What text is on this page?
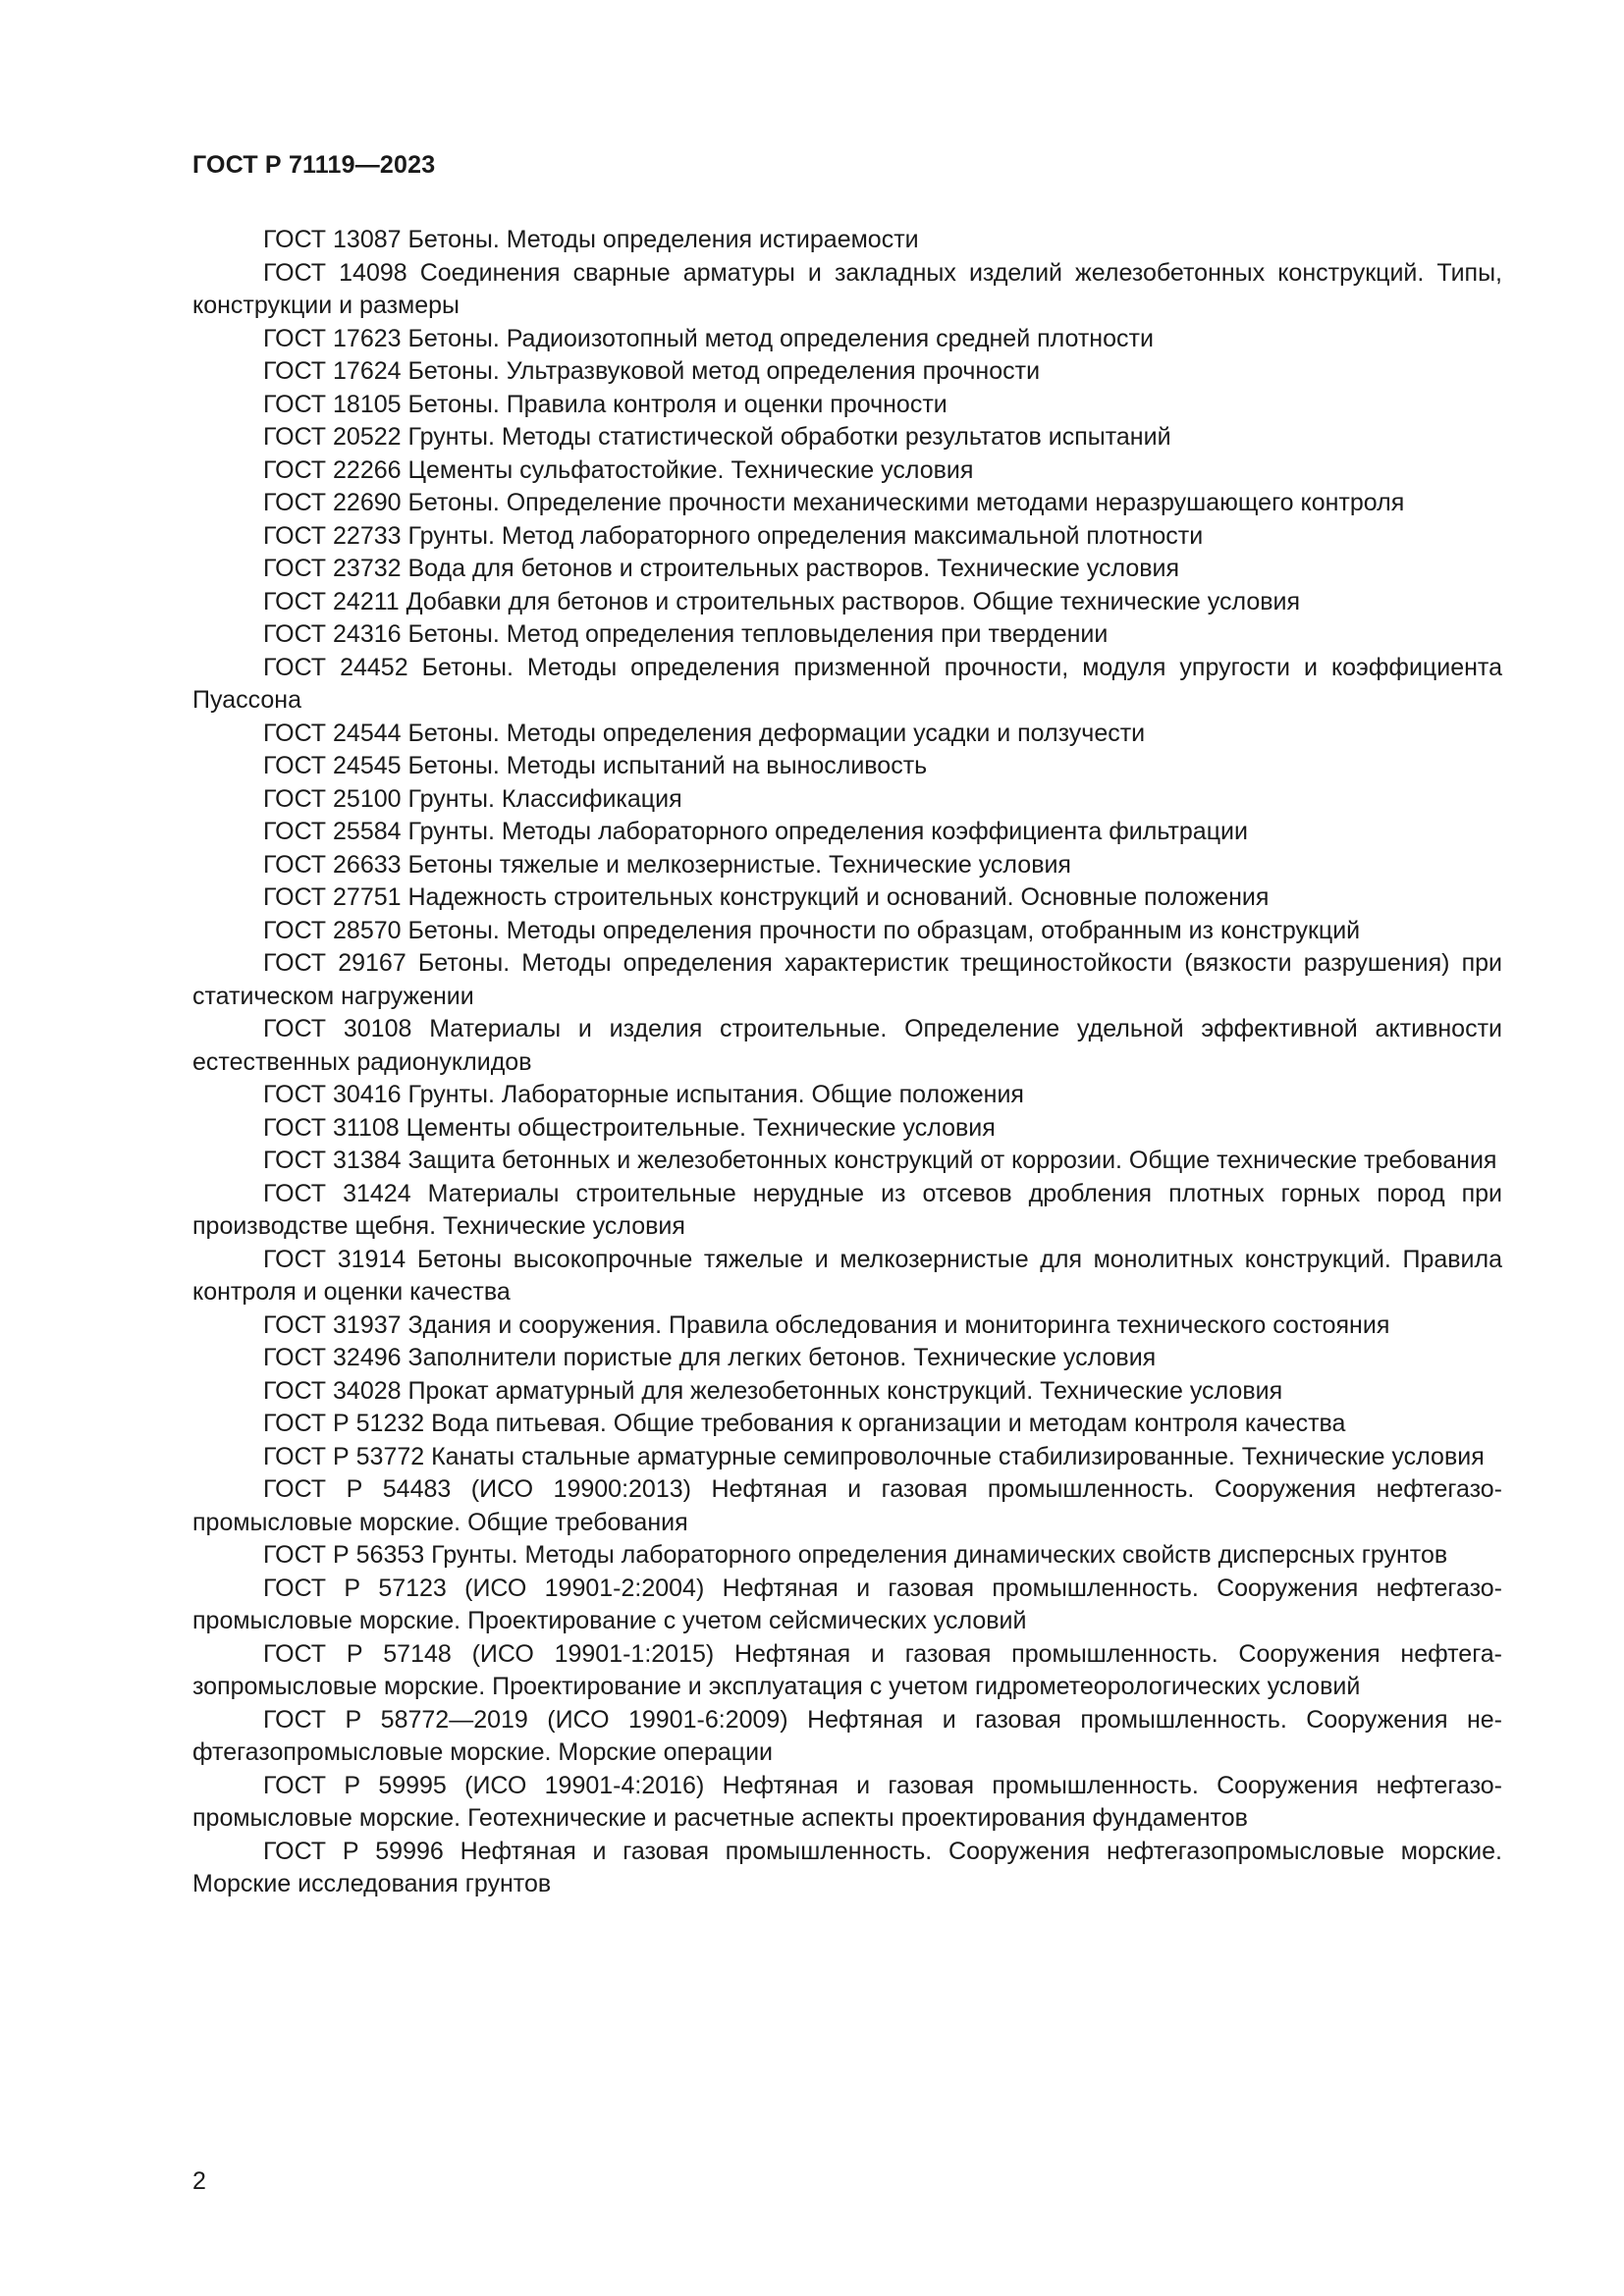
ГОСТ Р 71119—2023

ГОСТ 13087 Бетоны. Методы определения истираемости

ГОСТ 14098 Соединения сварные арматуры и закладных изделий железобетонных конструкций. Типы, конструкции и размеры

ГОСТ 17623 Бетоны. Радиоизотопный метод определения средней плотности

ГОСТ 17624 Бетоны. Ультразвуковой метод определения прочности

ГОСТ 18105 Бетоны. Правила контроля и оценки прочности

ГОСТ 20522 Грунты. Методы статистической обработки результатов испытаний

ГОСТ 22266 Цементы сульфатостойкие. Технические условия

ГОСТ 22690 Бетоны. Определение прочности механическими методами неразрушающего контроля

ГОСТ 22733 Грунты. Метод лабораторного определения максимальной плотности

ГОСТ 23732 Вода для бетонов и строительных растворов. Технические условия

ГОСТ 24211 Добавки для бетонов и строительных растворов. Общие технические условия

ГОСТ 24316 Бетоны. Метод определения тепловыделения при твердении

ГОСТ 24452 Бетоны. Методы определения призменной прочности, модуля упругости и коэффициента Пуассона

ГОСТ 24544 Бетоны. Методы определения деформации усадки и ползучести

ГОСТ 24545 Бетоны. Методы испытаний на выносливость

ГОСТ 25100 Грунты. Классификация

ГОСТ 25584 Грунты. Методы лабораторного определения коэффициента фильтрации

ГОСТ 26633 Бетоны тяжелые и мелкозернистые. Технические условия

ГОСТ 27751 Надежность строительных конструкций и оснований. Основные положения

ГОСТ 28570 Бетоны. Методы определения прочности по образцам, отобранным из конструкций

ГОСТ 29167 Бетоны. Методы определения характеристик трещиностойкости (вязкости разрушения) при статическом нагружении

ГОСТ 30108 Материалы и изделия строительные. Определение удельной эффективной активности естественных радионуклидов

ГОСТ 30416 Грунты. Лабораторные испытания. Общие положения

ГОСТ 31108 Цементы общестроительные. Технические условия

ГОСТ 31384 Защита бетонных и железобетонных конструкций от коррозии. Общие технические требования

ГОСТ 31424 Материалы строительные нерудные из отсевов дробления плотных горных пород при производстве щебня. Технические условия

ГОСТ 31914 Бетоны высокопрочные тяжелые и мелкозернистые для монолитных конструкций. Правила контроля и оценки качества

ГОСТ 31937 Здания и сооружения. Правила обследования и мониторинга технического состояния

ГОСТ 32496 Заполнители пористые для легких бетонов. Технические условия

ГОСТ 34028 Прокат арматурный для железобетонных конструкций. Технические условия

ГОСТ Р 51232 Вода питьевая. Общие требования к организации и методам контроля качества

ГОСТ Р 53772 Канаты стальные арматурные семипроволочные стабилизированные. Технические условия

ГОСТ Р 54483 (ИСО 19900:2013) Нефтяная и газовая промышленность. Сооружения нефтегазопромысловые морские. Общие требования

ГОСТ Р 56353 Грунты. Методы лабораторного определения динамических свойств дисперсных грунтов

ГОСТ Р 57123 (ИСО 19901-2:2004) Нефтяная и газовая промышленность. Сооружения нефтегазопромысловые морские. Проектирование с учетом сейсмических условий

ГОСТ Р 57148 (ИСО 19901-1:2015) Нефтяная и газовая промышленность. Сооружения нефтегазопромысловые морские. Проектирование и эксплуатация с учетом гидрометеорологических условий

ГОСТ Р 58772—2019 (ИСО 19901-6:2009) Нефтяная и газовая промышленность. Сооружения нефтегазопромысловые морские. Морские операции

ГОСТ Р 59995 (ИСО 19901-4:2016) Нефтяная и газовая промышленность. Сооружения нефтегазопромысловые морские. Геотехнические и расчетные аспекты проектирования фундаментов

ГОСТ Р 59996 Нефтяная и газовая промышленность. Сооружения нефтегазопромысловые морские. Морские исследования грунтов

2
